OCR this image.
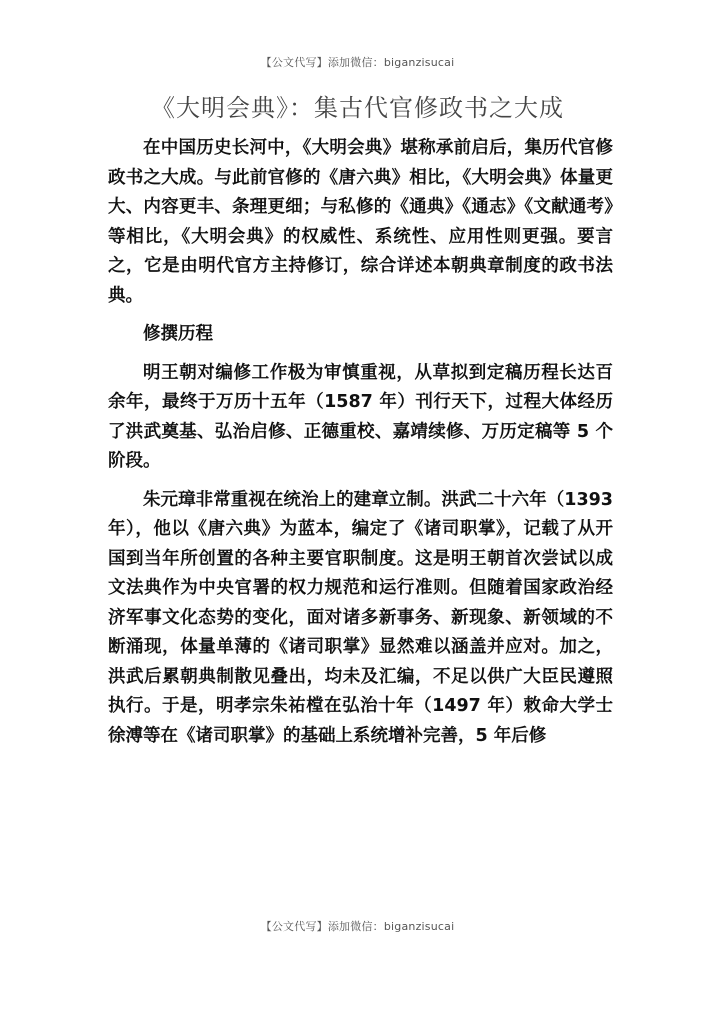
【公文代写】添加微信：biganzisucai
《大明会典》：集古代官修政书之大成

在中国历史长河中，《大明会典》堪称承前启后，集历代官修政书之大成。与此前官修的《唐六典》相比，《大明会典》体量更大、内容更丰、条理更细；与私修的《通典》《通志》《文献通考》等相比，《大明会典》的权威性、系统性、应用性则更强。要言之，它是由明代官方主持修订，综合详述本朝典章制度的政书法典。

修撰历程

明王朝对编修工作极为审慎重视，从草拟到定稿历程长达百余年，最终于万历十五年（1587 年）刊行天下，过程大体经历了洪武奠基、弘治启修、正德重校、嘉靖续修、万历定稿等 5 个阶段。

朱元璋非常重视在统治上的建章立制。洪武二十六年（1393 年），他以《唐六典》为蓝本，编定了《诸司职掌》，记载了从开国到当年所创置的各种主要官职制度。这是明王朝首次尝试以成文法典作为中央官署的权力规范和运行准则。但随着国家政治经济军事文化态势的变化，面对诸多新事务、新现象、新领域的不断涌现，体量单薄的《诸司职掌》显然难以涵盖并应对。加之，洪武后累朝典制散见叠出，均未及汇编，不足以供广大臣民遵照执行。于是，明孝宗朱祐樘在弘治十年（1497 年）敕命大学士徐溥等在《诸司职掌》的基础上系统增补完善，5 年后修

【公文代写】添加微信：biganzisucai
